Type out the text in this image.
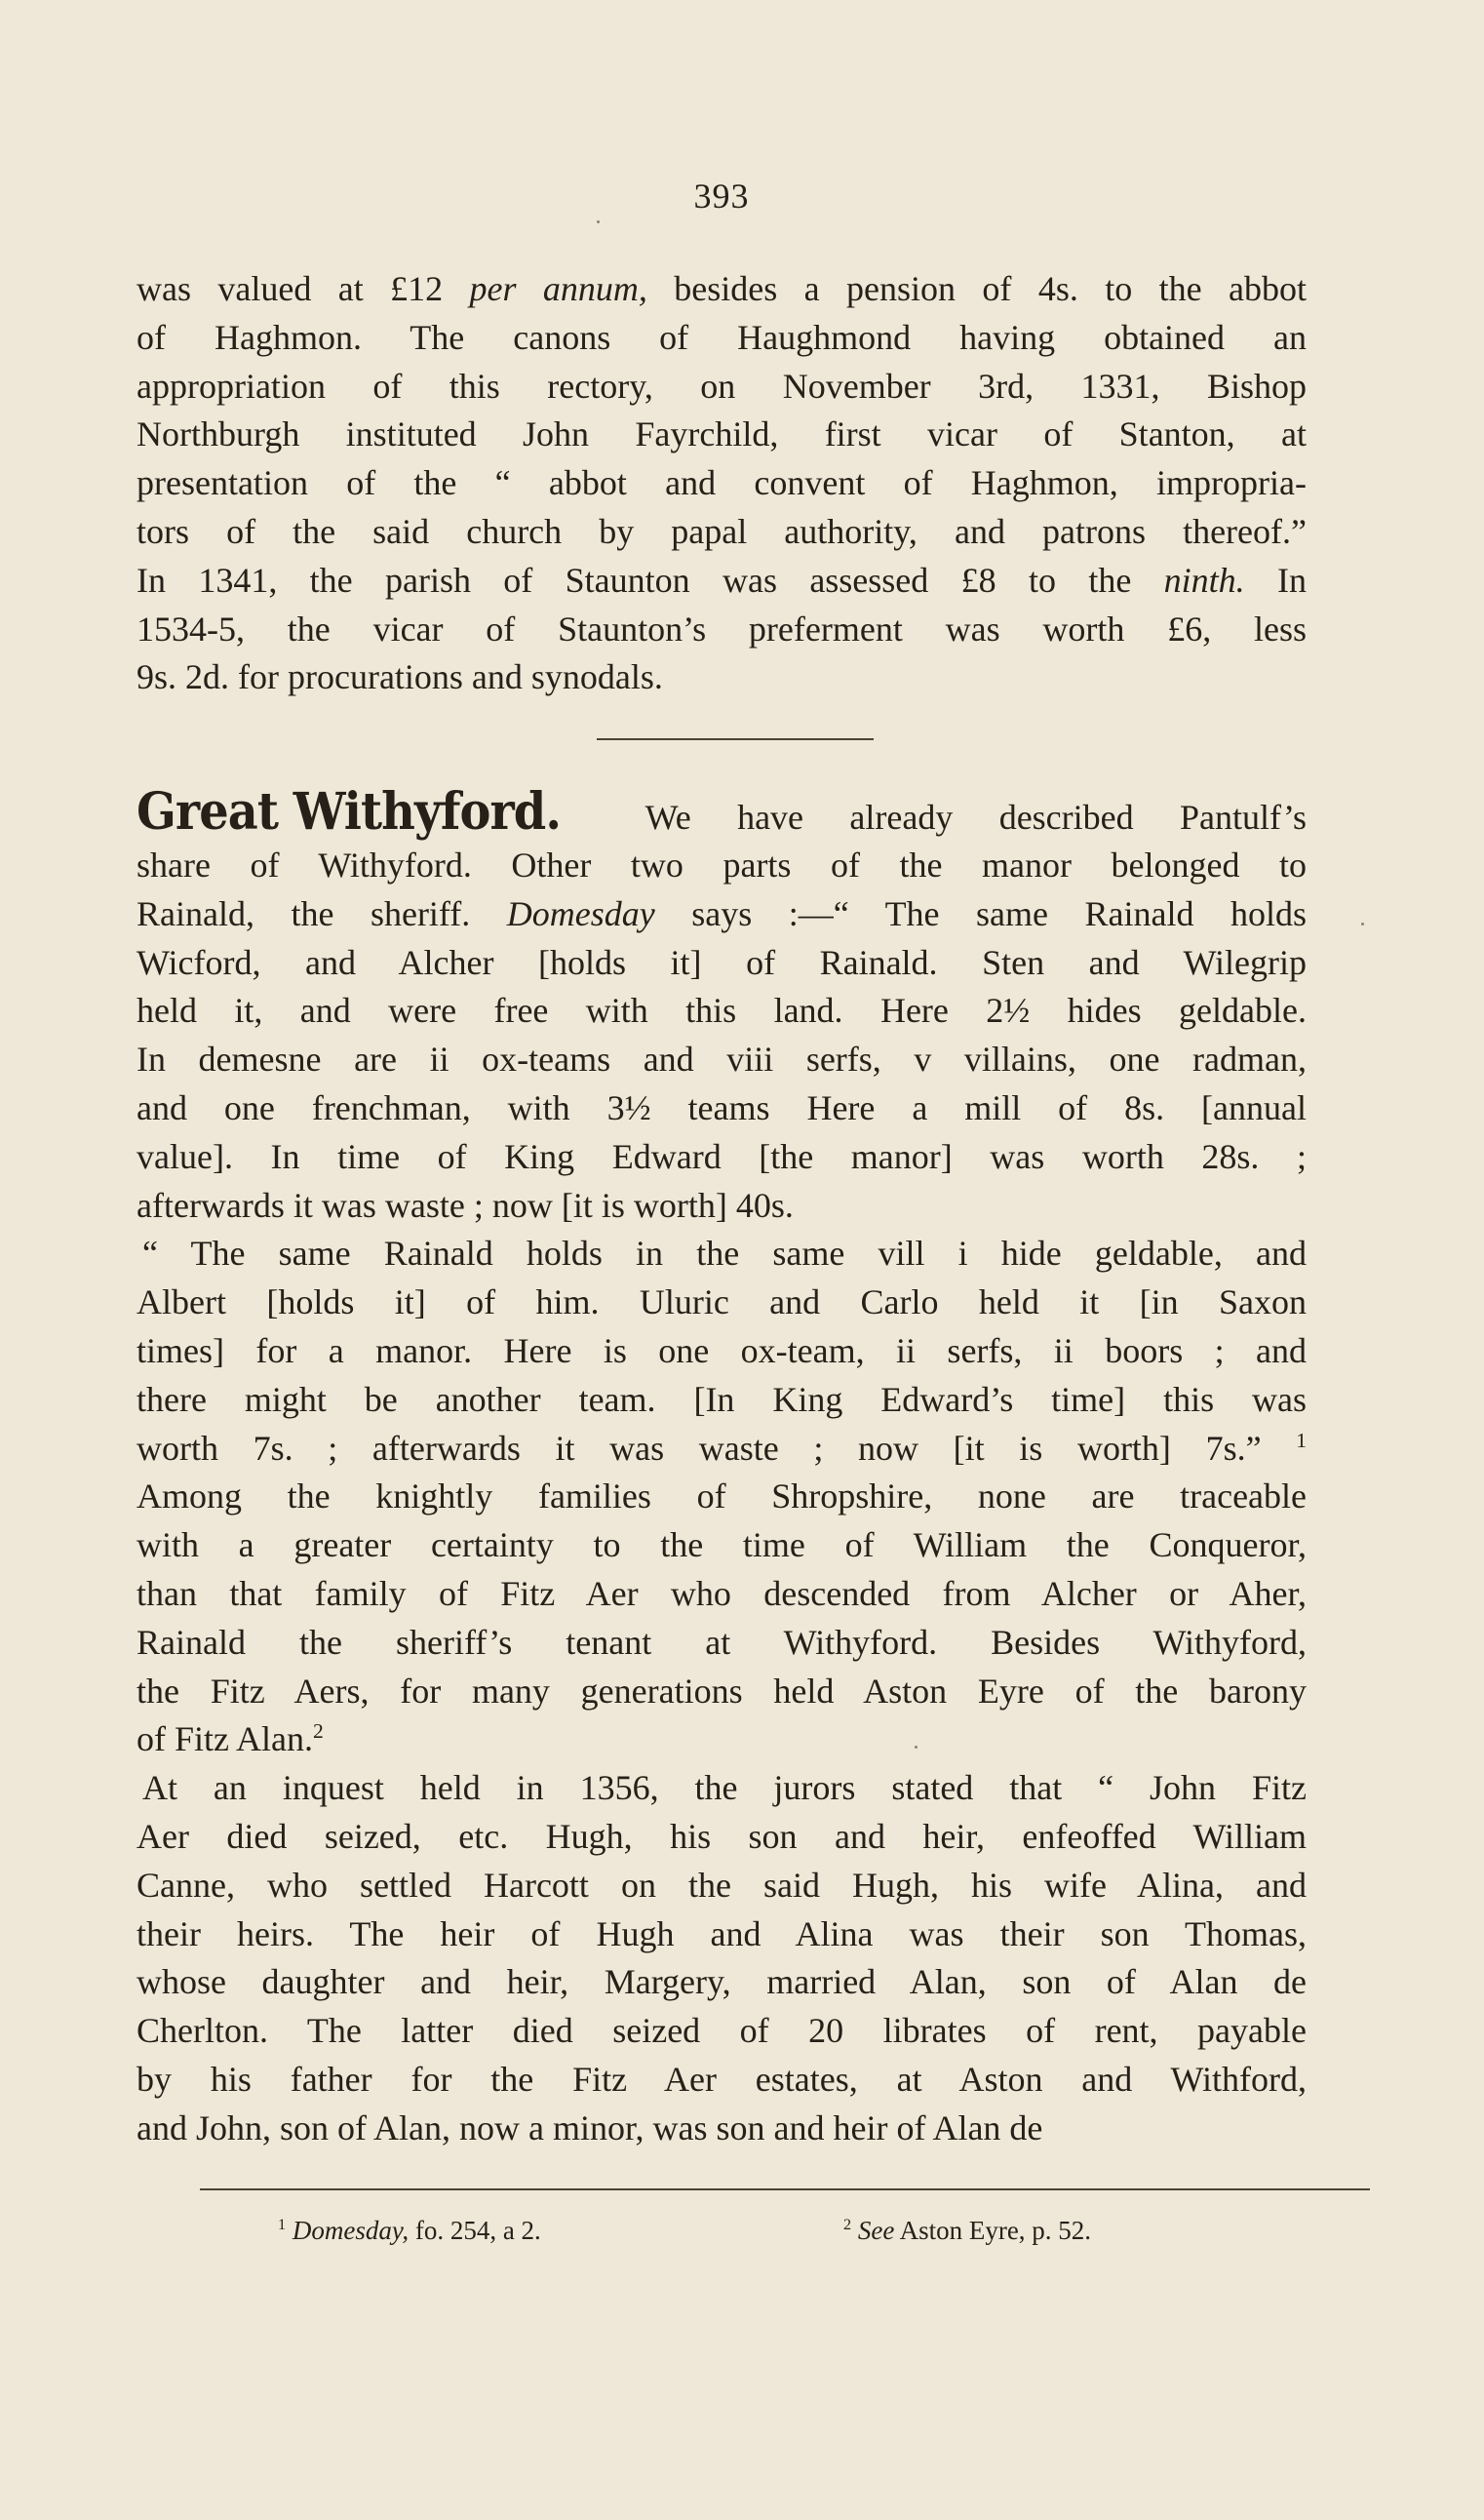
393
was valued at £12 per annum, besides a pension of 4s. to the abbot
of Haghmon. The canons of Haughmond having obtained an
appropriation of this rectory, on November 3rd, 1331, Bishop
Northburgh instituted John Fayrchild, first vicar of Stanton, at
presentation of the “ abbot and convent of Haghmon, impropria-
tors of the said church by papal authority, and patrons thereof.”
In 1341, the parish of Staunton was assessed £8 to the ninth. In
1534-5, the vicar of Staunton’s preferment was worth £6, less
9s. 2d. for procurations and synodals.
Great Withyford. We have already described Pantulf’s
share of Withyford. Other two parts of the manor belonged to
Rainald, the sheriff. Domesday says :—“ The same Rainald holds
Wicford, and Alcher [holds it] of Rainald. Sten and Wilegrip
held it, and were free with this land. Here 2½ hides geldable.
In demesne are ii ox-teams and viii serfs, v villains, one radman,
and one frenchman, with 3½ teams Here a mill of 8s. [annual
value]. In time of King Edward [the manor] was worth 28s. ;
afterwards it was waste ; now [it is worth] 40s.
“ The same Rainald holds in the same vill i hide geldable, and
Albert [holds it] of him. Uluric and Carlo held it [in Saxon
times] for a manor. Here is one ox-team, ii serfs, ii boors ; and
there might be another team. [In King Edward’s time] this was
worth 7s. ; afterwards it was waste ; now [it is worth] 7s.” $^1$
Among the knightly families of Shropshire, none are traceable
with a greater certainty to the time of William the Conqueror,
than that family of Fitz Aer who descended from Alcher or Aher,
Rainald the sheriff’s tenant at Withyford. Besides Withyford,
the Fitz Aers, for many generations held Aston Eyre of the barony
of Fitz Alan.$^2$
At an inquest held in 1356, the jurors stated that “ John Fitz
Aer died seized, etc. Hugh, his son and heir, enfeoffed William
Canne, who settled Harcott on the said Hugh, his wife Alina, and
their heirs. The heir of Hugh and Alina was their son Thomas,
whose daughter and heir, Margery, married Alan, son of Alan de
Cherlton. The latter died seized of 20 librates of rent, payable
by his father for the Fitz Aer estates, at Aston and Withford,
and John, son of Alan, now a minor, was son and heir of Alan de
$^1$ Domesday, fo. 254, a 2.	$^2$ See Aston Eyre, p. 52.
